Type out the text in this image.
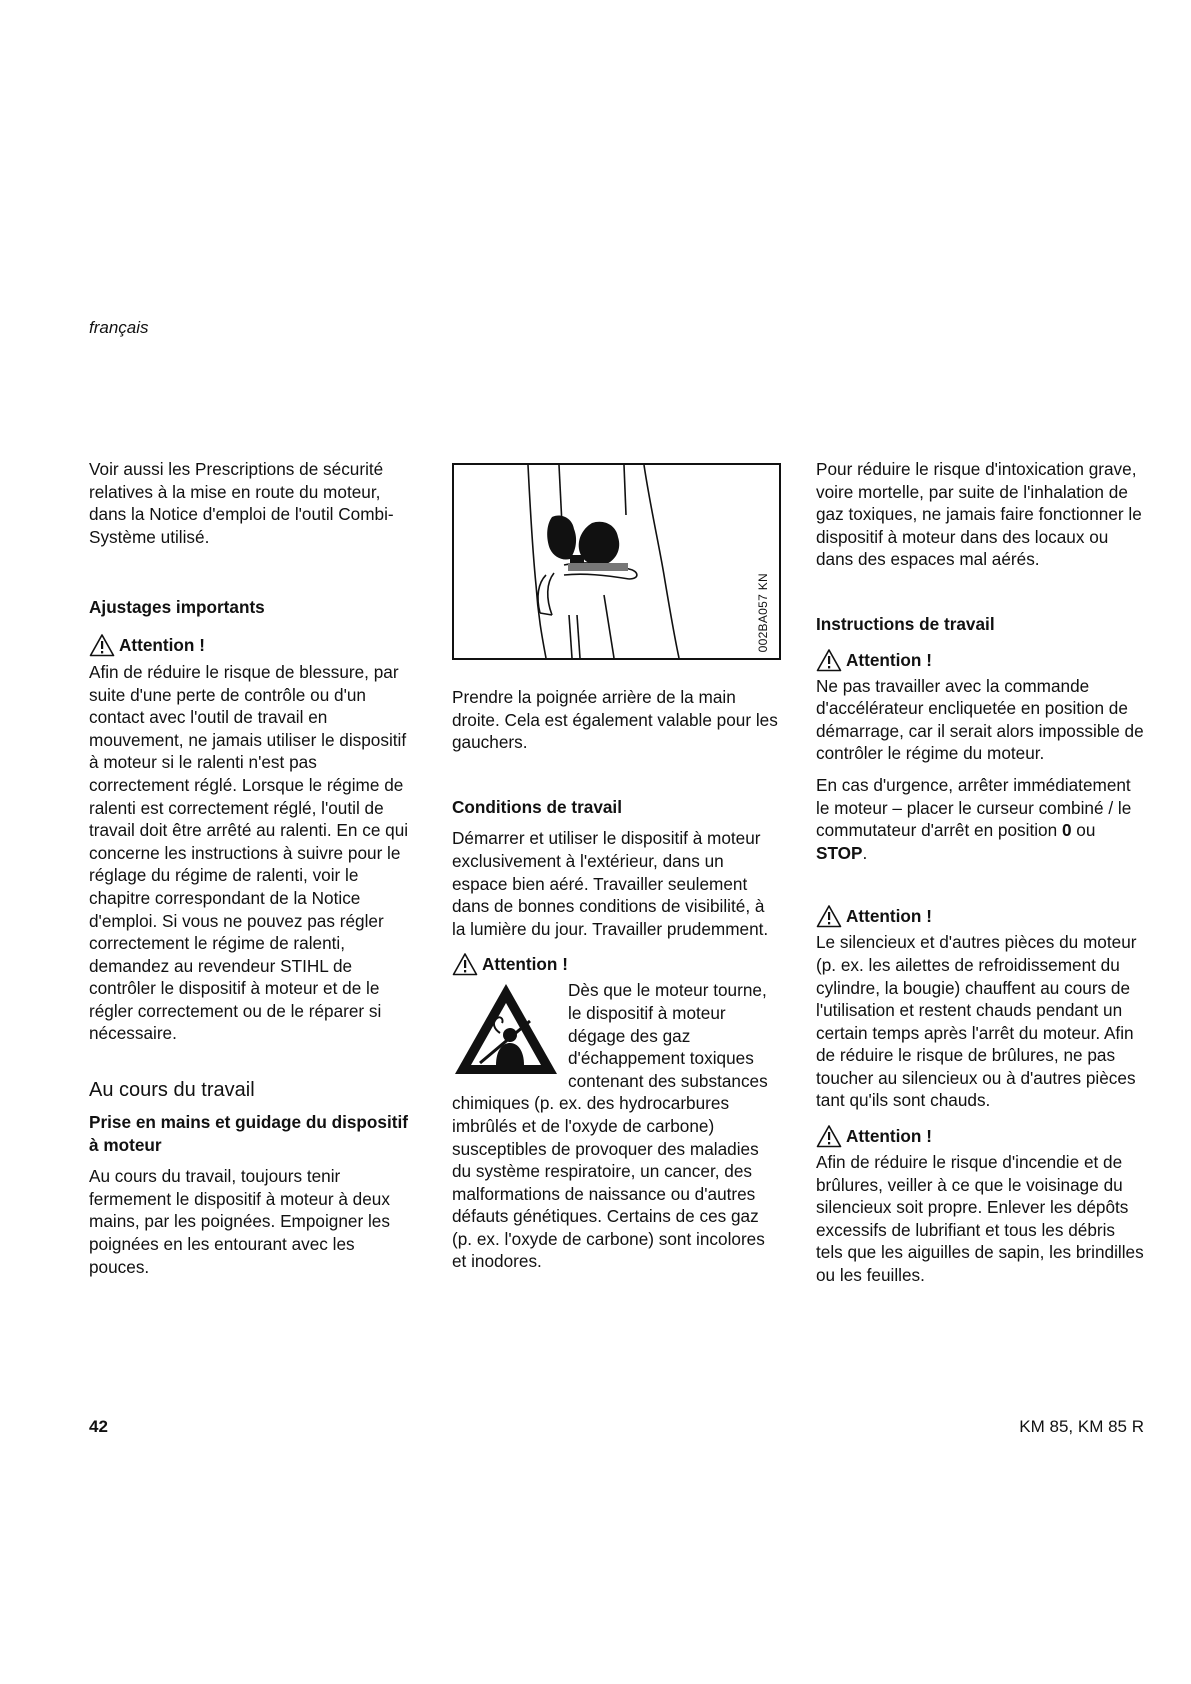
français

Voir aussi les Prescriptions de sécurité relatives à la mise en route du moteur, dans la Notice d'emploi de l'outil Combi-Système utilisé.

Ajustages importants
Attention !

Afin de réduire le risque de blessure, par suite d'une perte de contrôle ou d'un contact avec l'outil de travail en mouvement, ne jamais utiliser le dispositif à moteur si le ralenti n'est pas correctement réglé. Lorsque le régime de ralenti est correctement réglé, l'outil de travail doit être arrêté au ralenti. En ce qui concerne les instructions à suivre pour le réglage du régime de ralenti, voir le chapitre correspondant de la Notice d'emploi. Si vous ne pouvez pas régler correctement le régime de ralenti, demandez au revendeur STIHL de contrôler le dispositif à moteur et de le régler correctement ou de le réparer si nécessaire.

Au cours du travail
Prise en mains et guidage du dispositif à moteur

Au cours du travail, toujours tenir fermement le dispositif à moteur à deux mains, par les poignées. Empoigner les poignées en les entourant avec les pouces.

002BA057 KN

Prendre la poignée arrière de la main droite. Cela est également valable pour les gauchers.

Conditions de travail

Démarrer et utiliser le dispositif à moteur exclusivement à l'extérieur, dans un espace bien aéré. Travailler seulement dans de bonnes conditions de visibilité, à la lumière du jour. Travailler prudemment.

Attention !

Dès que le moteur tourne, le dispositif à moteur dégage des gaz d'échappement toxiques contenant des substances chimiques (p. ex. des hydrocarbures imbrûlés et de l'oxyde de carbone) susceptibles de provoquer des maladies du système respiratoire, un cancer, des malformations de naissance ou d'autres défauts génétiques. Certains de ces gaz (p. ex. l'oxyde de carbone) sont incolores et inodores.

Pour réduire le risque d'intoxication grave, voire mortelle, par suite de l'inhalation de gaz toxiques, ne jamais faire fonctionner le dispositif à moteur dans des locaux ou dans des espaces mal aérés.

Instructions de travail
Attention !

Ne pas travailler avec la commande d'accélérateur encliquetée en position de démarrage, car il serait alors impossible de contrôler le régime du moteur.

En cas d'urgence, arrêter immédiatement le moteur – placer le curseur combiné / le commutateur d'arrêt en position 0 ou STOP.

Attention !

Le silencieux et d'autres pièces du moteur (p. ex. les ailettes de refroidissement du cylindre, la bougie) chauffent au cours de l'utilisation et restent chauds pendant un certain temps après l'arrêt du moteur. Afin de réduire le risque de brûlures, ne pas toucher au silencieux ou à d'autres pièces tant qu'ils sont chauds.

Attention !

Afin de réduire le risque d'incendie et de brûlures, veiller à ce que le voisinage du silencieux soit propre. Enlever les dépôts excessifs de lubrifiant et tous les débris tels que les aiguilles de sapin, les brindilles ou les feuilles.

42	KM 85, KM 85 R
